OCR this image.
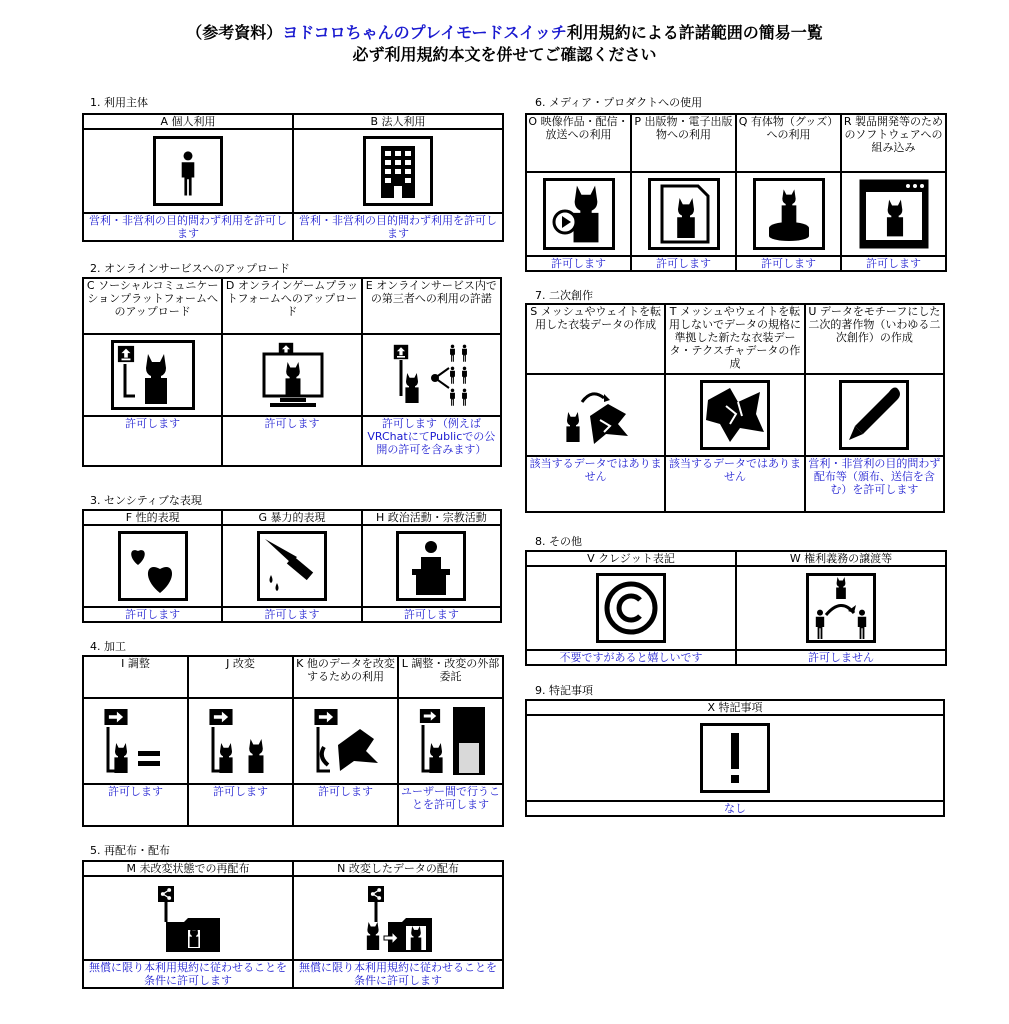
（参考資料）ヨドコロちゃんのプレイモードスイッチ利用規約による許諾範囲の簡易一覧
必ず利用規約本文を併せてご確認ください
1. 利用主体
A 個人利用	B 法人利用

営利・非営利の目的問わず利用を許可します	営利・非営利の目的問わず利用を許可します
2. オンラインサービスへのアップロード
C ソーシャルコミュニケーションプラットフォームへのアップロード	D オンラインゲームプラットフォームへのアップロード	E オンラインサービス内での第三者への利用の許諾

許可します	許可します	許可します（例えばVRChatにてPublicでの公開の許可を含みます）
3. センシティブな表現
F 性的表現	G 暴力的表現	H 政治活動・宗教活動

許可します	許可します	許可します
4. 加工
I 調整	J 改変	K 他のデータを改変するための利用	L 調整・改変の外部委託

許可します	許可します	許可します	ユーザー間で行うことを許可します
5. 再配布・配布
M 未改変状態での再配布	N 改変したデータの配布

無償に限り本利用規約に従わせることを条件に許可します	無償に限り本利用規約に従わせることを条件に許可します
6. メディア・プロダクトへの使用
O 映像作品・配信・放送への利用	P 出版物・電子出版物への利用	Q 有体物（グッズ）への利用	R 製品開発等のためのソフトウェアへの組み込み

許可します	許可します	許可します	許可します
7. 二次創作
S メッシュやウェイトを転用した衣装データの作成	T メッシュやウェイトを転用しないでデータの規格に準拠した新たな衣装データ・テクスチャデータの作成	U データをモチーフにした二次的著作物（いわゆる二次創作）の作成

該当するデータではありません	該当するデータではありません	営利・非営利の目的問わず配布等（頒布、送信を含む）を許可します
8. その他
V クレジット表記	W 権利義務の譲渡等

不要ですがあると嬉しいです	許可しません
9. 特記事項
X 特記事項

なし
